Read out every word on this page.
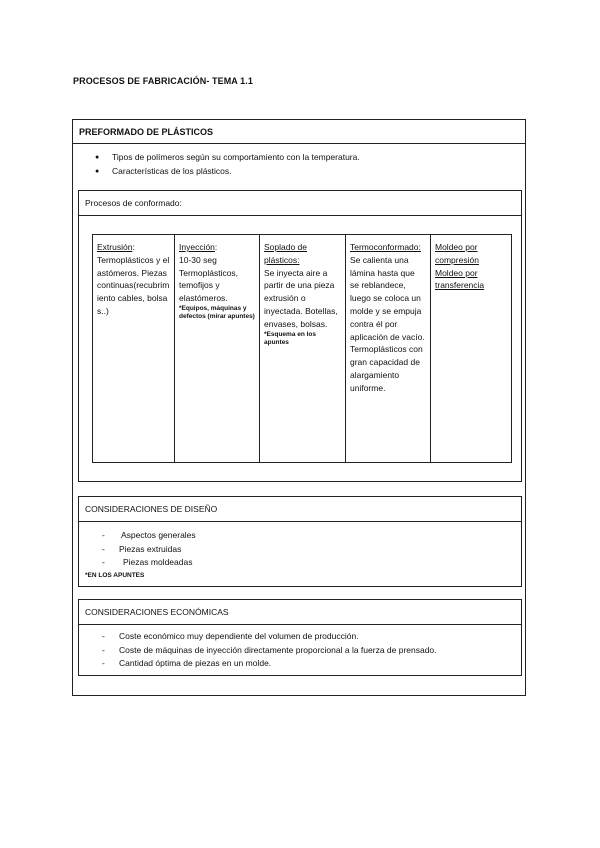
PROCESOS DE FABRICACIÓN- TEMA 1.1
PREFORMADO DE PLÁSTICOS
● Tipos de polímeros según su comportamiento con la temperatura.
● Características de los plásticos.
Procesos de conformado:
Extrusión:
Termoplásticos y elastómeros. Piezas continuas(recubrimiento cables, bolsas..)
Inyección:
10-30 seg Termoplásticos, temofijos y elastómeros.
*Equipos, máquinas y defectos (mirar apuntes)
Soplado de plásticos:
Se inyecta aire a partir de una pieza extrusión o inyectada. Botellas, envases, bolsas.
*Esquema en los apuntes
Termoconformado:
Se calienta una lámina hasta que se reblandece, luego se coloca un molde y se empuja contra él por aplicación de vacío. Termoplásticos con gran capacidad de alargamiento uniforme.
Moldeo por compresión
Moldeo por transferencia
CONSIDERACIONES DE DISEÑO
- Aspectos generales
- Piezas extruidas
- Piezas moldeadas
*EN LOS APUNTES
CONSIDERACIONES ECONÓMICAS
- Coste económico muy dependiente del volumen de producción.
- Coste de máquinas de inyección directamente proporcional a la fuerza de prensado.
- Cantidad óptima de piezas en un molde.
